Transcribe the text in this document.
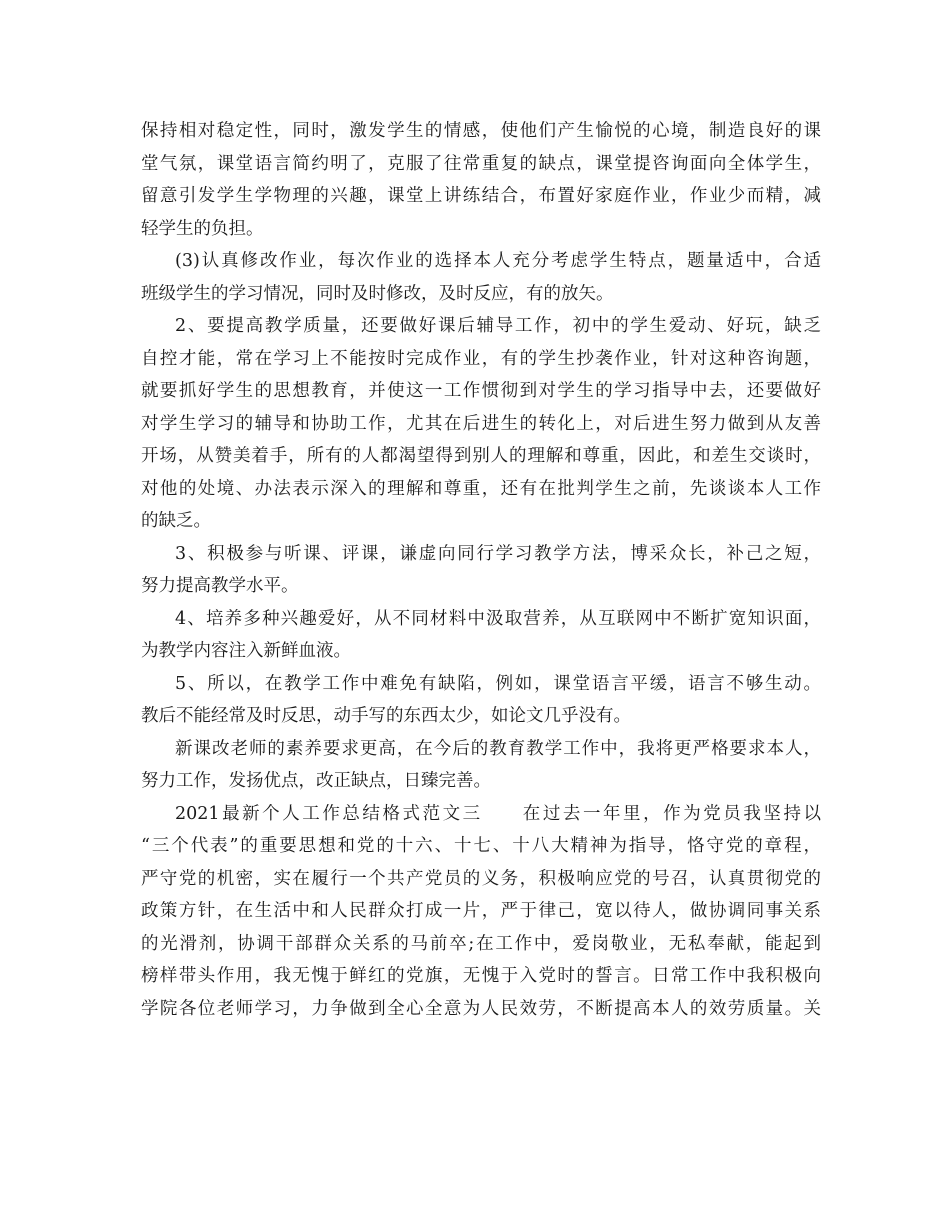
保持相对稳定性，同时，激发学生的情感，使他们产生愉悦的心境，制造良好的课
堂气氛，课堂语言简约明了，克服了往常重复的缺点，课堂提咨询面向全体学生，
留意引发学生学物理的兴趣，课堂上讲练结合，布置好家庭作业，作业少而精，减
轻学生的负担。
(3)认真修改作业，每次作业的选择本人充分考虑学生特点，题量适中，合适
班级学生的学习情况，同时及时修改，及时反应，有的放矢。
2、要提高教学质量，还要做好课后辅导工作，初中的学生爱动、好玩，缺乏
自控才能，常在学习上不能按时完成作业，有的学生抄袭作业，针对这种咨询题，
就要抓好学生的思想教育，并使这一工作惯彻到对学生的学习指导中去，还要做好
对学生学习的辅导和协助工作，尤其在后进生的转化上，对后进生努力做到从友善
开场，从赞美着手，所有的人都渴望得到别人的理解和尊重，因此，和差生交谈时，
对他的处境、办法表示深入的理解和尊重，还有在批判学生之前，先谈谈本人工作
的缺乏。
3、积极参与听课、评课，谦虚向同行学习教学方法，博采众长，补己之短，
努力提高教学水平。
4、培养多种兴趣爱好，从不同材料中汲取营养，从互联网中不断扩宽知识面，
为教学内容注入新鲜血液。
5、所以，在教学工作中难免有缺陷，例如，课堂语言平缓，语言不够生动。
教后不能经常及时反思，动手写的东西太少，如论文几乎没有。
新课改老师的素养要求更高，在今后的教育教学工作中，我将更严格要求本人，
努力工作，发扬优点，改正缺点，日臻完善。
2021最新个人工作总结格式范文三　　在过去一年里，作为党员我坚持以
“三个代表”的重要思想和党的十六、十七、十八大精神为指导，恪守党的章程，
严守党的机密，实在履行一个共产党员的义务，积极响应党的号召，认真贯彻党的
政策方针，在生活中和人民群众打成一片，严于律己，宽以待人，做协调同事关系
的光滑剂，协调干部群众关系的马前卒;在工作中，爱岗敬业，无私奉献，能起到
榜样带头作用，我无愧于鲜红的党旗，无愧于入党时的誓言。日常工作中我积极向
学院各位老师学习，力争做到全心全意为人民效劳，不断提高本人的效劳质量。关
